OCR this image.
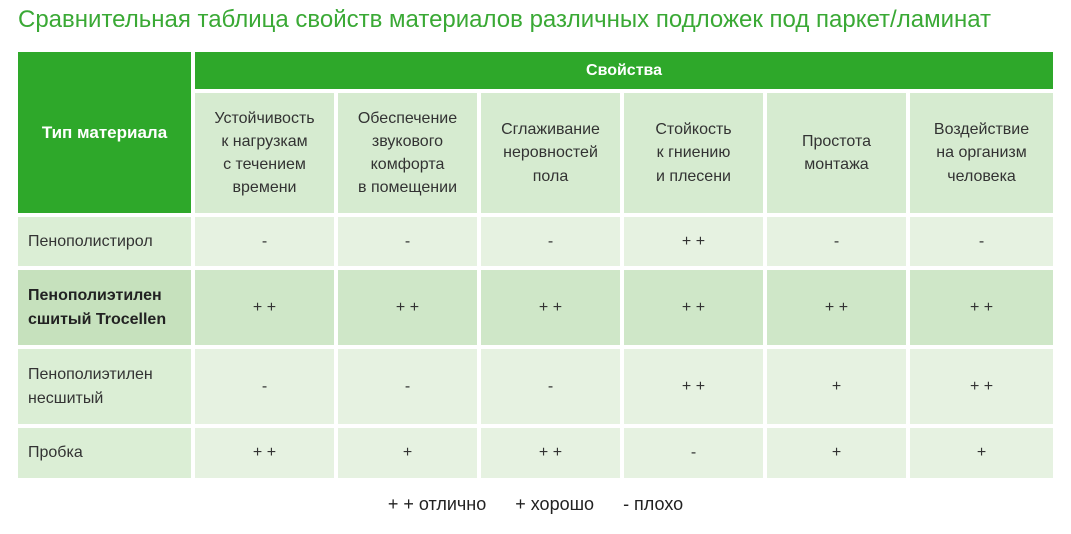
Сравнительная таблица свойств материалов различных подложек под паркет/ламинат
Тип материала	Свойства					
	Устойчивость
к нагрузкам
с течением
времени	Обеспечение
звукового
комфорта
в помещении	Сглаживание
неровностей
пола	Стойкость
к гниению
и плесени	Простота
монтажа	Воздействие
на организм
человека
Пенополистирол	-	-	-	+ +	-	-
Пенополиэтилен
сшитый Trocellen	+ +	+ +	+ +	+ +	+ +	+ +
Пенополиэтилен
несшитый	-	-	-	+ +	+	+ +
Пробка	+ +	+	+ +	-	+	+
+ + отлично + хорошо - плохо
